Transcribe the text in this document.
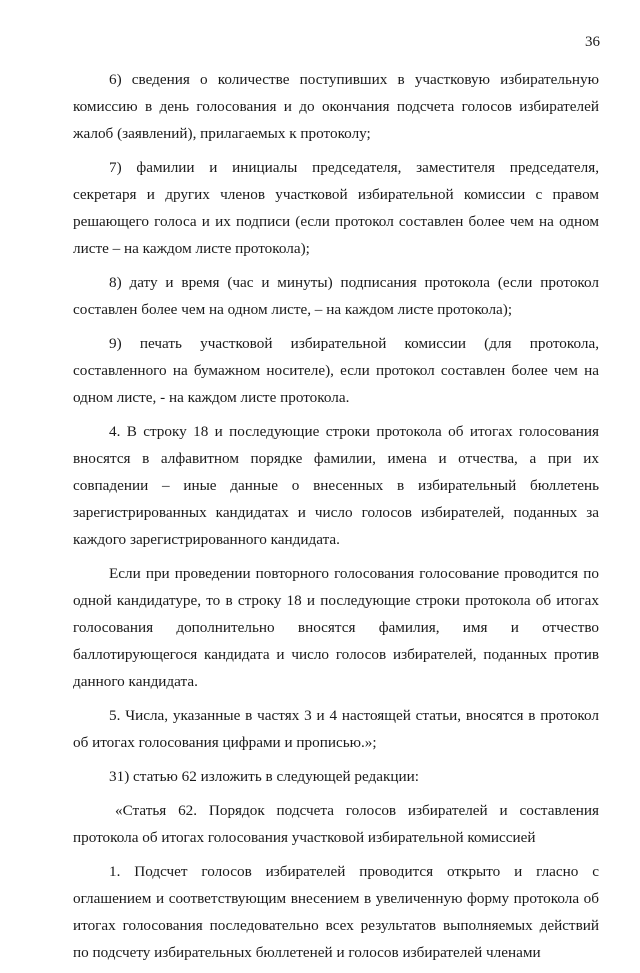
36

6) сведения о количестве поступивших в участковую избирательную комиссию в день голосования и до окончания подсчета голосов избирателей жалоб (заявлений), прилагаемых к протоколу;

7) фамилии и инициалы председателя, заместителя председателя, секретаря и других членов участковой избирательной комиссии с правом решающего голоса и их подписи (если протокол составлен более чем на одном листе – на каждом листе протокола);

8) дату и время (час и минуты) подписания протокола (если протокол составлен более чем на одном листе, – на каждом листе протокола);

9) печать участковой избирательной комиссии (для протокола, составленного на бумажном носителе), если протокол составлен более чем на одном листе, - на каждом листе протокола.

4. В строку 18 и последующие строки протокола об итогах голосования вносятся в алфавитном порядке фамилии, имена и отчества, а при их совпадении – иные данные о внесенных в избирательный бюллетень зарегистрированных кандидатах и число голосов избирателей, поданных за каждого зарегистрированного кандидата.

Если при проведении повторного голосования голосование проводится по одной кандидатуре, то в строку 18 и последующие строки протокола об итогах голосования дополнительно вносятся фамилия, имя и отчество баллотирующегося кандидата и число голосов избирателей, поданных против данного кандидата.

5. Числа, указанные в частях 3 и 4 настоящей статьи, вносятся в протокол об итогах голосования цифрами и прописью.»;

31) статью 62 изложить в следующей редакции:

«Статья 62. Порядок подсчета голосов избирателей и составления протокола об итогах голосования участковой избирательной комиссией

1. Подсчет голосов избирателей проводится открыто и гласно с оглашением и соответствующим внесением в увеличенную форму протокола об итогах голосования последовательно всех результатов выполняемых действий по подсчету избирательных бюллетеней и голосов избирателей членами
